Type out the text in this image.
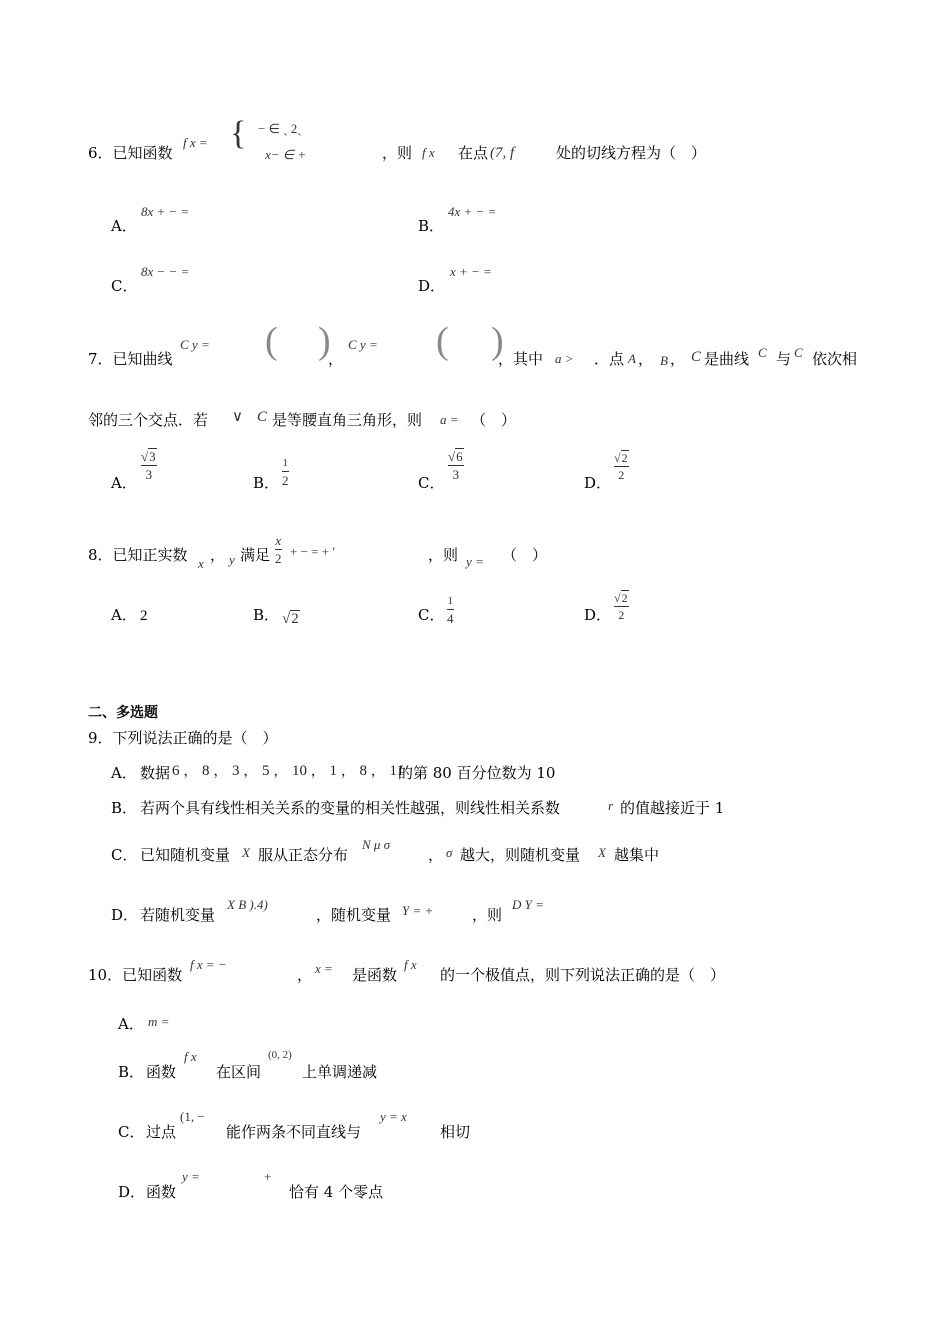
6．已知函数
f x = { − ∈ ˎ 2ˎ
x− ∈ +	，则 f x 在点 (7, f	处的切线方程为（　）
A．
8x + − =
B．
4x + − =
C．
8x − − =
D．
x + − =
7．已知曲线
C y = ( )
，
C y = ( )
，其中 a > ．点 A ， B ， C 是曲线 C 与 C 依次相
邻的三个交点．若 ∨ C 是等腰直角三角形，则 a = （　）
A．
√3
3	B．
1
2	C．
√6
3	D．
√2
2
8．已知正实数 x ， y 满足
x
2 + − = + ′	，则 y = （　）
A． 2	B． √2	C．
1
4	D．
√2
2
二、多选题
9．下列说法正确的是（　）
A． 数据 6 ， 8 ， 3 ， 5 ， 10 ， 1 ， 8 ， 11
的第 80 百分位数为 10
B． 若两个具有线性相关关系的变量的相关性越强，则线性相关系数	r 的值越接近于 1
C． 已知随机变量 X 服从正态分布
N μ σ
， σ 越大，则随机变量 X 越集中
D． 若随机变量
X B ).4)
，随机变量 Y = +	，则
D Y =
10．已知函数
f x = −
， x = 是函数
f x
的一个极值点，则下列说法正确的是（　）
A． m =
B． 函数
f x
在区间
(0, 2)
上单调递减
C． 过点
(1, −
能作两条不同直线与
y = x
相切
D． 函数
y =	+
恰有 4 个零点
